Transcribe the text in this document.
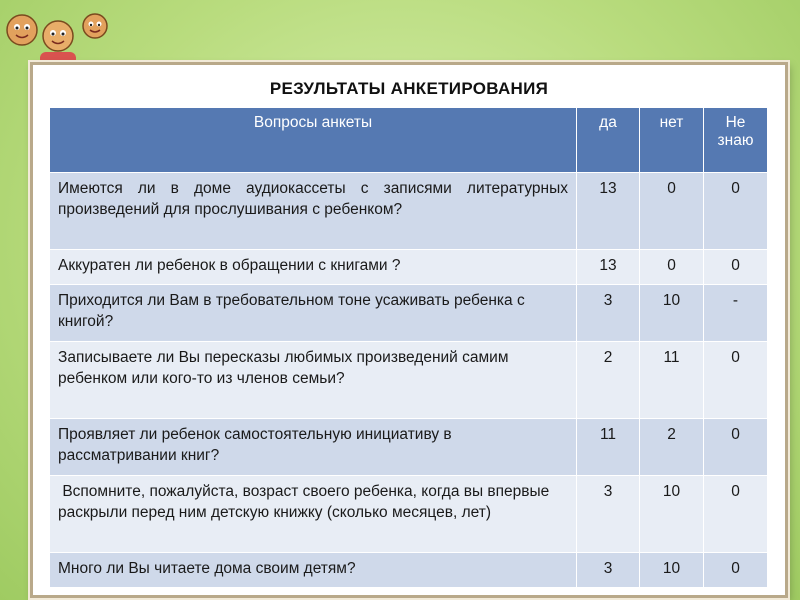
РЕЗУЛЬТАТЫ АНКЕТИРОВАНИЯ
Вопросы анкеты	да	нет	Не знаю
Имеются ли в доме аудиокассеты с записями литературных произведений для прослушивания с ребенком?	13	0	0
Аккуратен ли ребенок в обращении с книгами ?	13	0	0
Приходится ли Вам в требовательном тоне усаживать ребенка с книгой?	3	10	-
Записываете ли Вы пересказы любимых произведений самим ребенком или кого-то из членов семьи?	2	11	0
Проявляет ли ребенок самостоятельную инициативу в рассматривании книг?	11	2	0
Вспомните, пожалуйста, возраст своего ребенка, когда вы впервые раскрыли перед ним детскую книжку (сколько месяцев, лет)	3	10	0
Много ли Вы читаете дома своим детям?	3	10	0
